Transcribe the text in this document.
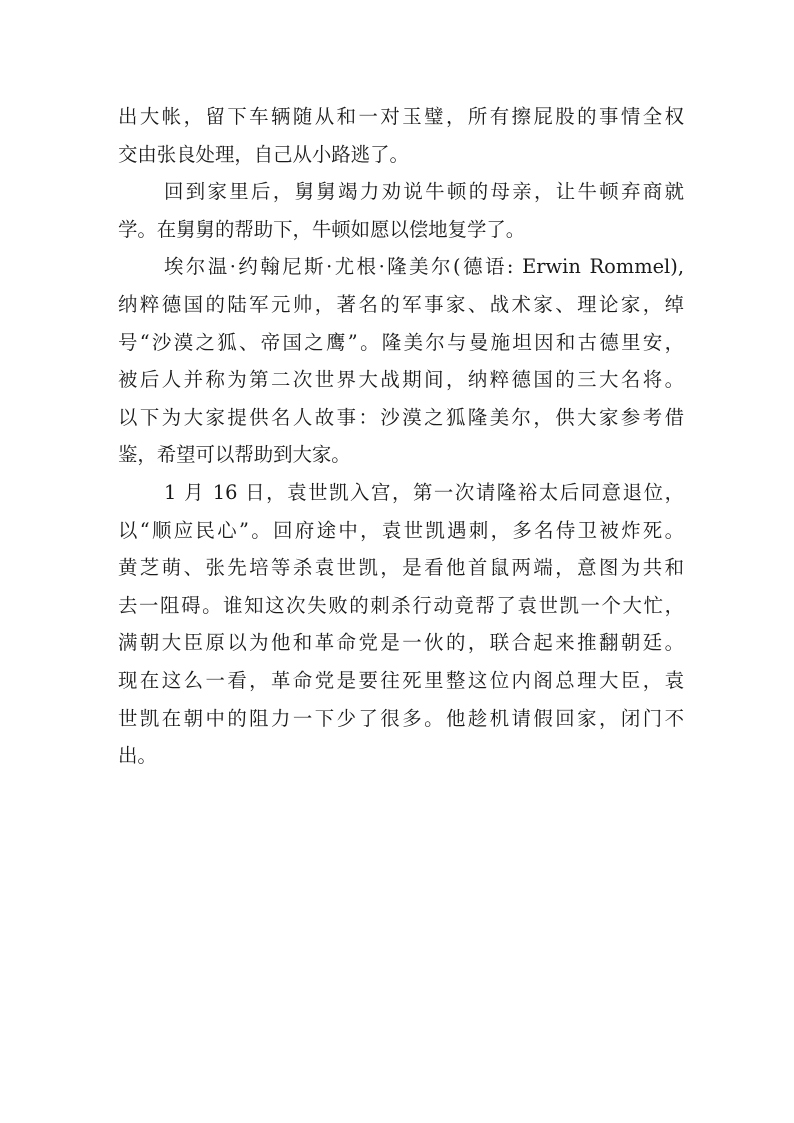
出大帐，留下车辆随从和一对玉璧，所有擦屁股的事情全权
交由张良处理，自己从小路逃了。
回到家里后，舅舅竭力劝说牛顿的母亲，让牛顿弃商就
学。在舅舅的帮助下，牛顿如愿以偿地复学了。
埃尔温·约翰尼斯·尤根·隆美尔(德语: Erwin Rommel),
纳粹德国的陆军元帅，著名的军事家、战术家、理论家，绰
号“沙漠之狐、帝国之鹰”。隆美尔与曼施坦因和古德里安，
被后人并称为第二次世界大战期间，纳粹德国的三大名将。
以下为大家提供名人故事：沙漠之狐隆美尔，供大家参考借
鉴，希望可以帮助到大家。
1 月 16 日，袁世凯入宫，第一次请隆裕太后同意退位，
以“顺应民心”。回府途中，袁世凯遇刺，多名侍卫被炸死。
黄芝萌、张先培等杀袁世凯，是看他首鼠两端，意图为共和
去一阻碍。谁知这次失败的刺杀行动竟帮了袁世凯一个大忙，
满朝大臣原以为他和革命党是一伙的，联合起来推翻朝廷。
现在这么一看，革命党是要往死里整这位内阁总理大臣，袁
世凯在朝中的阻力一下少了很多。他趁机请假回家，闭门不
出。
